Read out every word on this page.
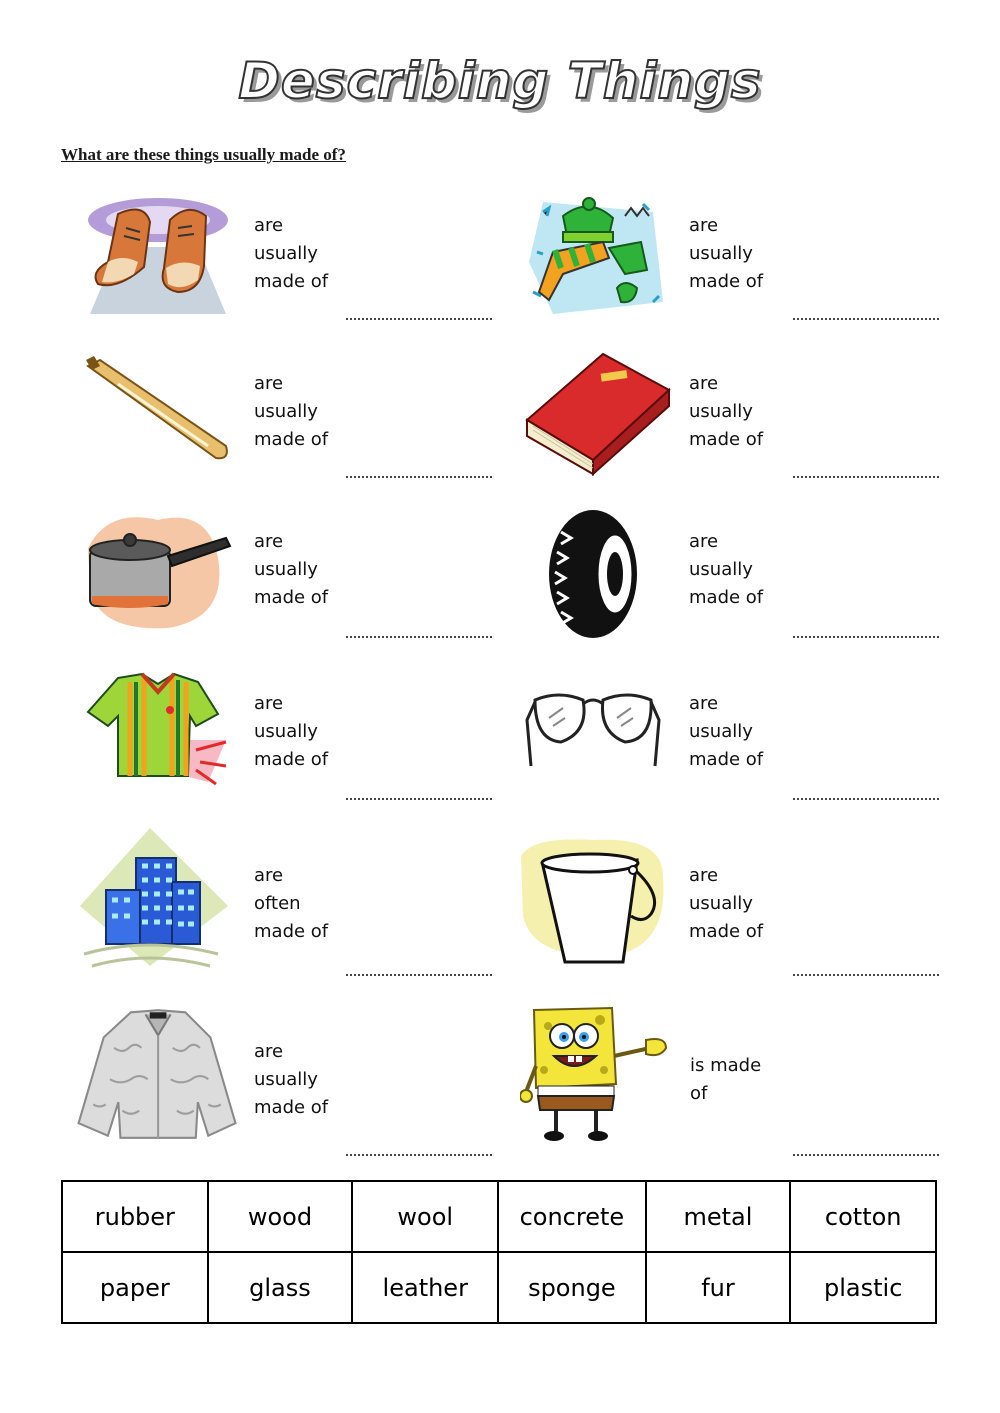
Describing Things
What are these things usually made of?
are
usually
made of
are
usually
made of
are
usually
made of
are
usually
made of
are
usually
made of
are
usually
made of
are
usually
made of
are
usually
made of
are
often
made of
are
usually
made of
are
usually
made of
is made
of
rubber	wood	wool	concrete	metal	cotton
paper	glass	leather	sponge	fur	plastic
